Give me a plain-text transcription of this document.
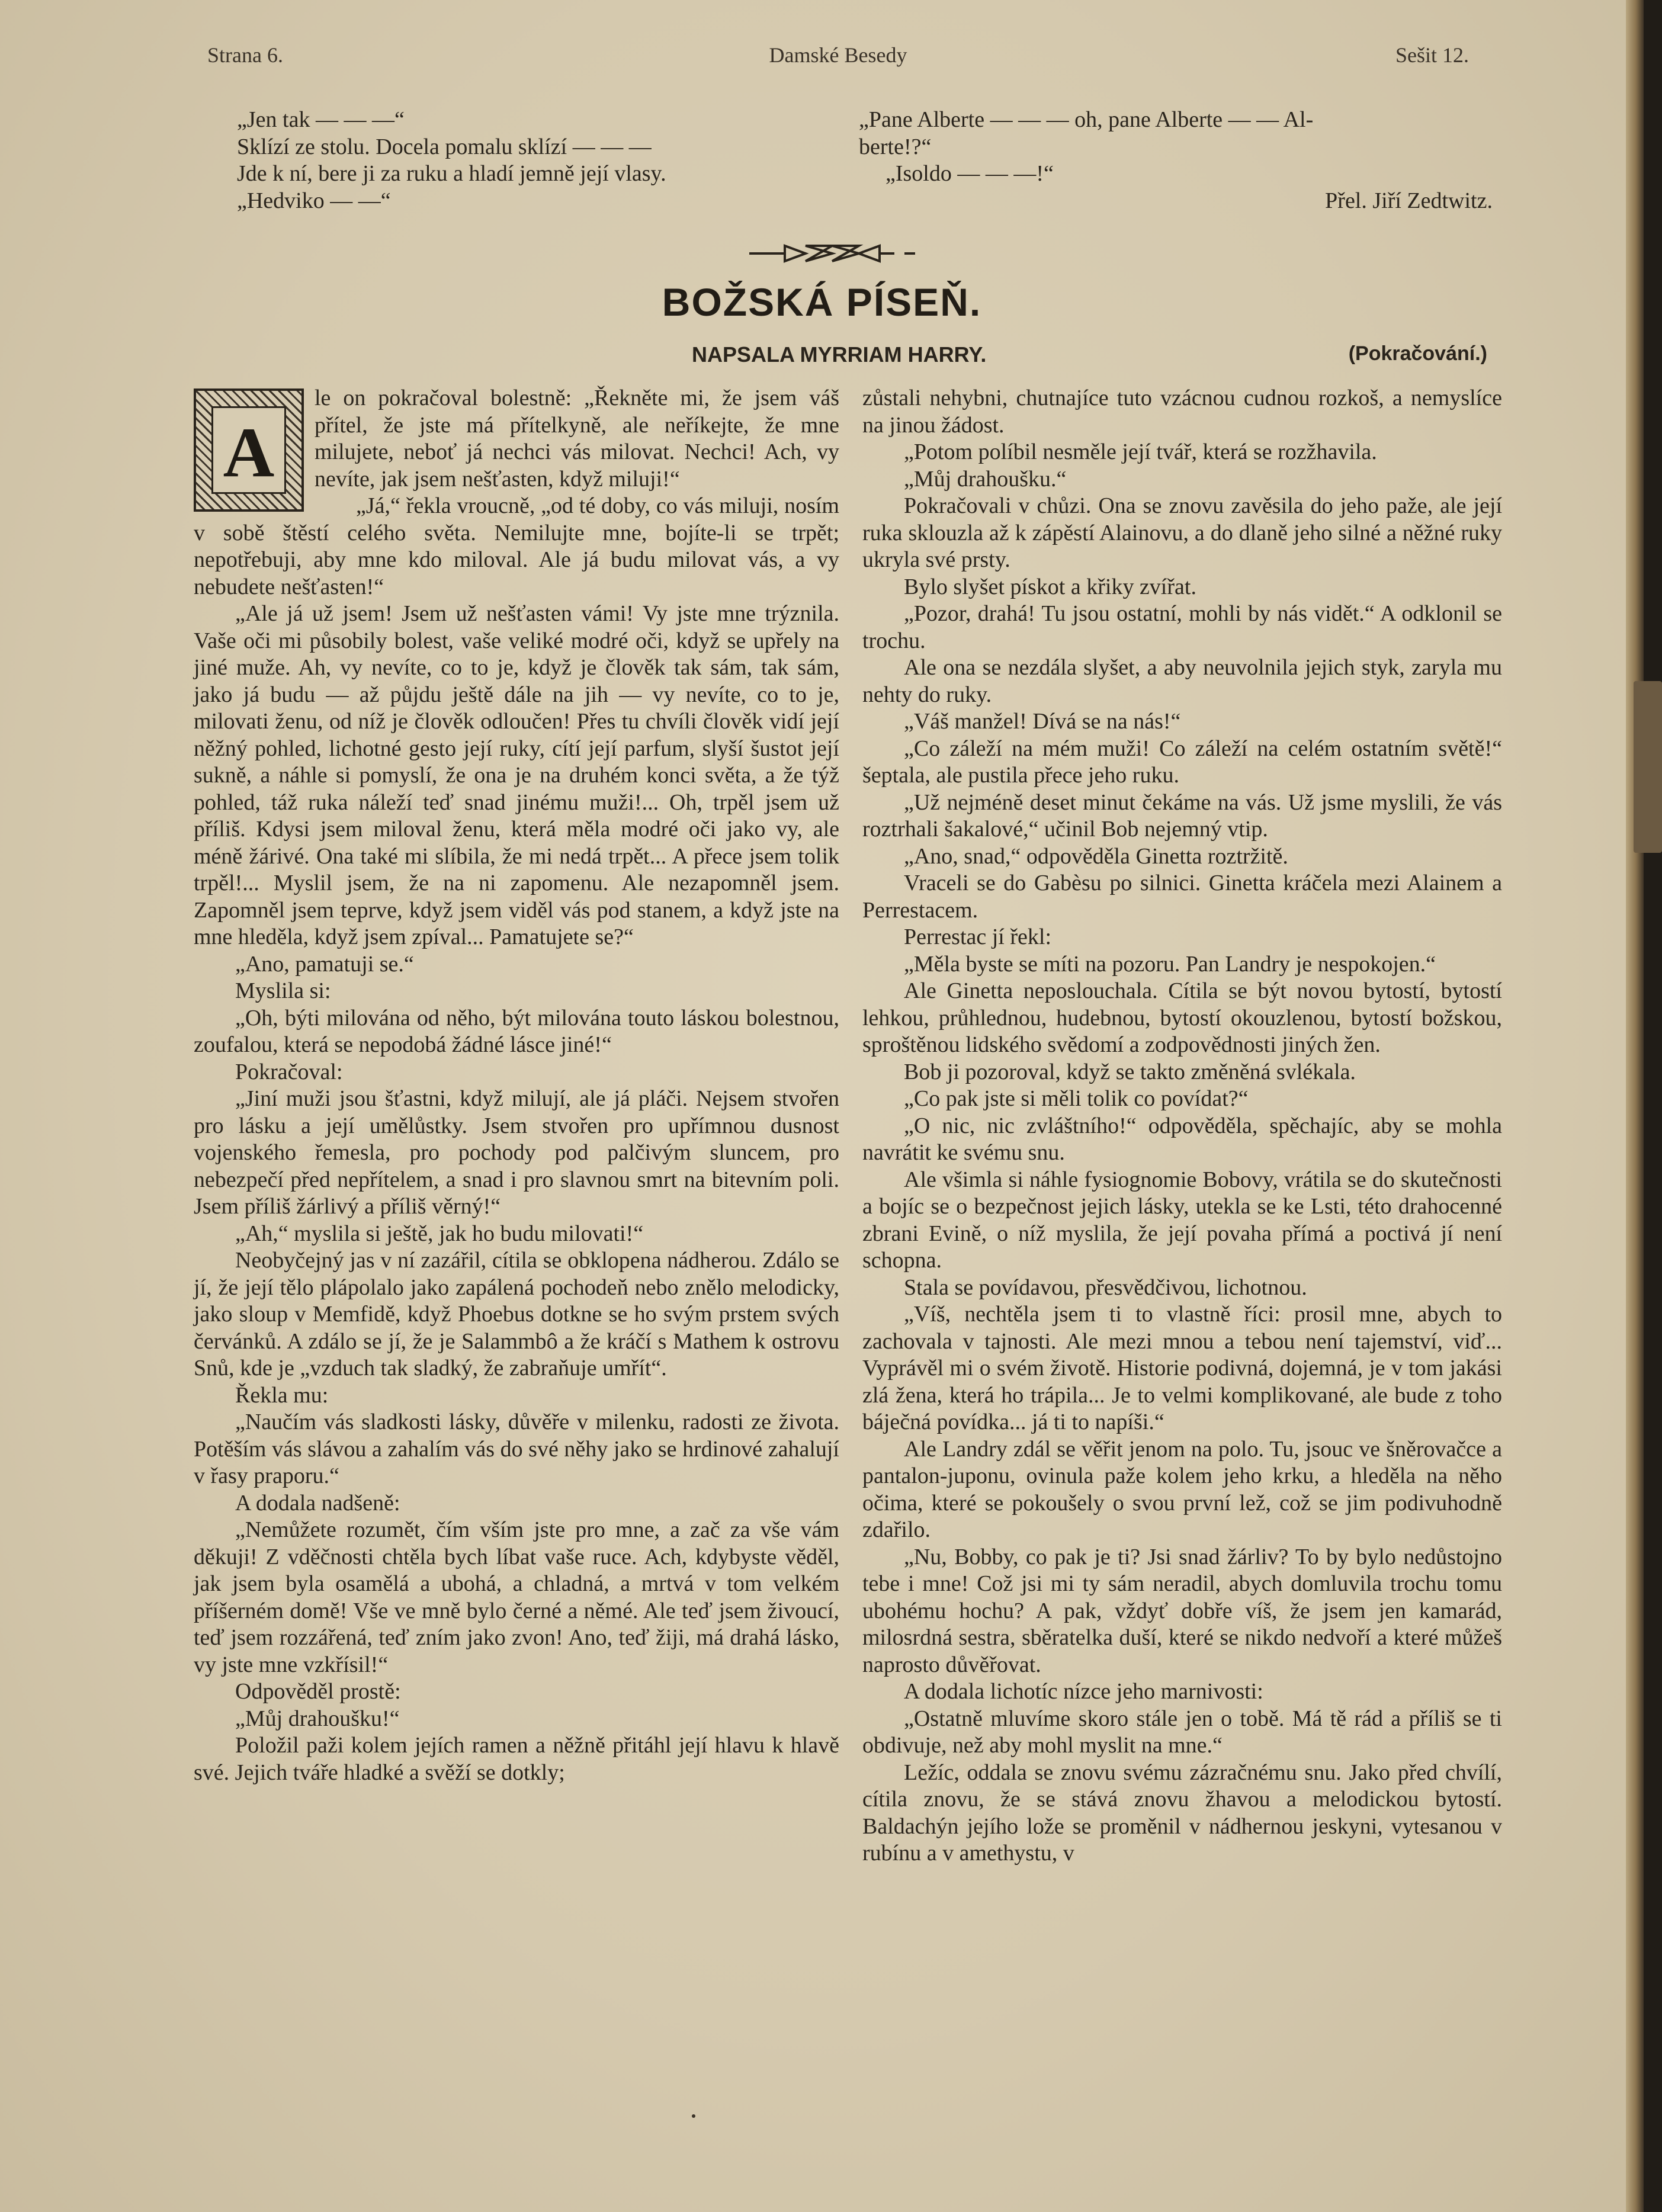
Strana 6.	Damské Besedy	Sešit 12.

„Jen tak — — —“

Sklízí ze stolu. Docela pomalu sklízí — — —

Jde k ní, bere ji za ruku a hladí jemně její vlasy.

„Hedviko — —“

„Pane Alberte — — — oh, pane Alberte — — Al-

berte!?“

„Isoldo — — —!“

Přel. Jiří Zedtwitz.

BOŽSKÁ PÍSEŇ.
NAPSALA MYRRIAM HARRY.	(Pokračování.)

A
le on pokračoval bolestně: „Řekněte mi, že jsem váš přítel, že jste má přítelkyně, ale neříkejte, že mne milujete, neboť já nechci vás milovat. Nechci! Ach, vy nevíte, jak jsem nešťasten, když miluji!“

„Já,“ řekla vroucně, „od té doby, co vás miluji, nosím v sobě štěstí celého světa. Nemilujte mne, bojíte-li se trpět; nepotřebuji, aby mne kdo miloval. Ale já budu milovat vás, a vy nebudete nešťasten!“

„Ale já už jsem! Jsem už nešťasten vámi! Vy jste mne trýznila. Vaše oči mi působily bolest, vaše veliké modré oči, když se upřely na jiné muže. Ah, vy nevíte, co to je, když je člověk tak sám, tak sám, jako já budu — až půjdu ještě dále na jih — vy nevíte, co to je, milovati ženu, od níž je člověk odloučen! Přes tu chvíli člověk vidí její něžný pohled, lichotné gesto její ruky, cítí její parfum, slyší šustot její sukně, a náhle si pomyslí, že ona je na druhém konci světa, a že týž pohled, táž ruka náleží teď snad jinému muži!... Oh, trpěl jsem už příliš. Kdysi jsem miloval ženu, která měla modré oči jako vy, ale méně žárivé. Ona také mi slíbila, že mi nedá trpět... A přece jsem tolik trpěl!... Myslil jsem, že na ni zapomenu. Ale nezapomněl jsem. Zapomněl jsem teprve, když jsem viděl vás pod stanem, a když jste na mne hleděla, když jsem zpíval... Pamatujete se?“

„Ano, pamatuji se.“

Myslila si:

„Oh, býti milována od něho, být milována touto láskou bolestnou, zoufalou, která se nepodobá žádné lásce jiné!“

Pokračoval:

„Jiní muži jsou šťastni, když milují, ale já pláči. Nejsem stvořen pro lásku a její umělůstky. Jsem stvořen pro upřímnou dusnost vojenského řemesla, pro pochody pod palčivým sluncem, pro nebezpečí před nepřítelem, a snad i pro slavnou smrt na bitevním poli. Jsem příliš žárlivý a příliš věrný!“

„Ah,“ myslila si ještě, jak ho budu milovati!“

Neobyčejný jas v ní zazářil, cítila se obklopena nádherou. Zdálo se jí, že její tělo plápolalo jako zapálená pochodeň nebo znělo melodicky, jako sloup v Memfidě, když Phoebus dotkne se ho svým prstem svých červánků. A zdálo se jí, že je Salammbô a že kráčí s Mathem k ostrovu Snů, kde je „vzduch tak sladký, že zabraňuje umřít“.

Řekla mu:

„Naučím vás sladkosti lásky, důvěře v milenku, radosti ze života. Potěším vás slávou a zahalím vás do své něhy jako se hrdinové zahalují v řasy praporu.“

A dodala nadšeně:

„Nemůžete rozumět, čím vším jste pro mne, a zač za vše vám děkuji! Z vděčnosti chtěla bych líbat vaše ruce. Ach, kdybyste věděl, jak jsem byla osamělá a ubohá, a chladná, a mrtvá v tom velkém příšerném domě! Vše ve mně bylo černé a němé. Ale teď jsem živoucí, teď jsem rozzářená, teď zním jako zvon! Ano, teď žiji, má drahá lásko, vy jste mne vzkřísil!“

Odpověděl prostě:

„Můj drahoušku!“

Položil paži kolem jejích ramen a něžně přitáhl její hlavu k hlavě své. Jejich tváře hladké a svěží se dotkly;

zůstali nehybni, chutnajíce tuto vzácnou cudnou rozkoš, a nemyslíce na jinou žádost.

„Potom políbil nesměle její tvář, která se rozžhavila.

„Můj drahoušku.“

Pokračovali v chůzi. Ona se znovu zavěsila do jeho paže, ale její ruka sklouzla až k zápěstí Alainovu, a do dlaně jeho silné a něžné ruky ukryla své prsty.

Bylo slyšet pískot a křiky zvířat.

„Pozor, drahá! Tu jsou ostatní, mohli by nás vidět.“ A odklonil se trochu.

Ale ona se nezdála slyšet, a aby neuvolnila jejich styk, zaryla mu nehty do ruky.

„Váš manžel! Dívá se na nás!“

„Co záleží na mém muži! Co záleží na celém ostatním světě!“ šeptala, ale pustila přece jeho ruku.

„Už nejméně deset minut čekáme na vás. Už jsme myslili, že vás roztrhali šakalové,“ učinil Bob nejemný vtip.

„Ano, snad,“ odpověděla Ginetta roztržitě.

Vraceli se do Gabèsu po silnici. Ginetta kráčela mezi Alainem a Perrestacem.

Perrestac jí řekl:

„Měla byste se míti na pozoru. Pan Landry je nespokojen.“

Ale Ginetta neposlouchala. Cítila se být novou bytostí, bytostí lehkou, průhlednou, hudebnou, bytostí okouzlenou, bytostí božskou, sproštěnou lidského svědomí a zodpovědnosti jiných žen.

Bob ji pozoroval, když se takto změněná svlékala.

„Co pak jste si měli tolik co povídat?“

„O nic, nic zvláštního!“ odpověděla, spěchajíc, aby se mohla navrátit ke svému snu.

Ale všimla si náhle fysiognomie Bobovy, vrátila se do skutečnosti a bojíc se o bezpečnost jejich lásky, utekla se ke Lsti, této drahocenné zbrani Evině, o níž myslila, že její povaha přímá a poctivá jí není schopna.

Stala se povídavou, přesvědčivou, lichotnou.

„Víš, nechtěla jsem ti to vlastně říci: prosil mne, abych to zachovala v tajnosti. Ale mezi mnou a tebou není tajemství, viď... Vyprávěl mi o svém životě. Historie podivná, dojemná, je v tom jakási zlá žena, která ho trápila... Je to velmi komplikované, ale bude z toho báječná povídka... já ti to napíši.“

Ale Landry zdál se věřit jenom na polo. Tu, jsouc ve šněrovačce a pantalon-juponu, ovinula paže kolem jeho krku, a hleděla na něho očima, které se pokoušely o svou první lež, což se jim podivuhodně zdařilo.

„Nu, Bobby, co pak je ti? Jsi snad žárliv? To by bylo nedůstojno tebe i mne! Což jsi mi ty sám neradil, abych domluvila trochu tomu ubohému hochu? A pak, vždyť dobře víš, že jsem jen kamarád, milosrdná sestra, sběratelka duší, které se nikdo nedvoří a které můžeš naprosto důvěřovat.

A dodala lichotíc nízce jeho marnivosti:

„Ostatně mluvíme skoro stále jen o tobě. Má tě rád a příliš se ti obdivuje, než aby mohl myslit na mne.“

Ležíc, oddala se znovu svému zázračnému snu. Jako před chvílí, cítila znovu, že se stává znovu žhavou a melodickou bytostí. Baldachýn jejího lože se proměnil v nádhernou jeskyni, vytesanou v rubínu a v amethystu, v
